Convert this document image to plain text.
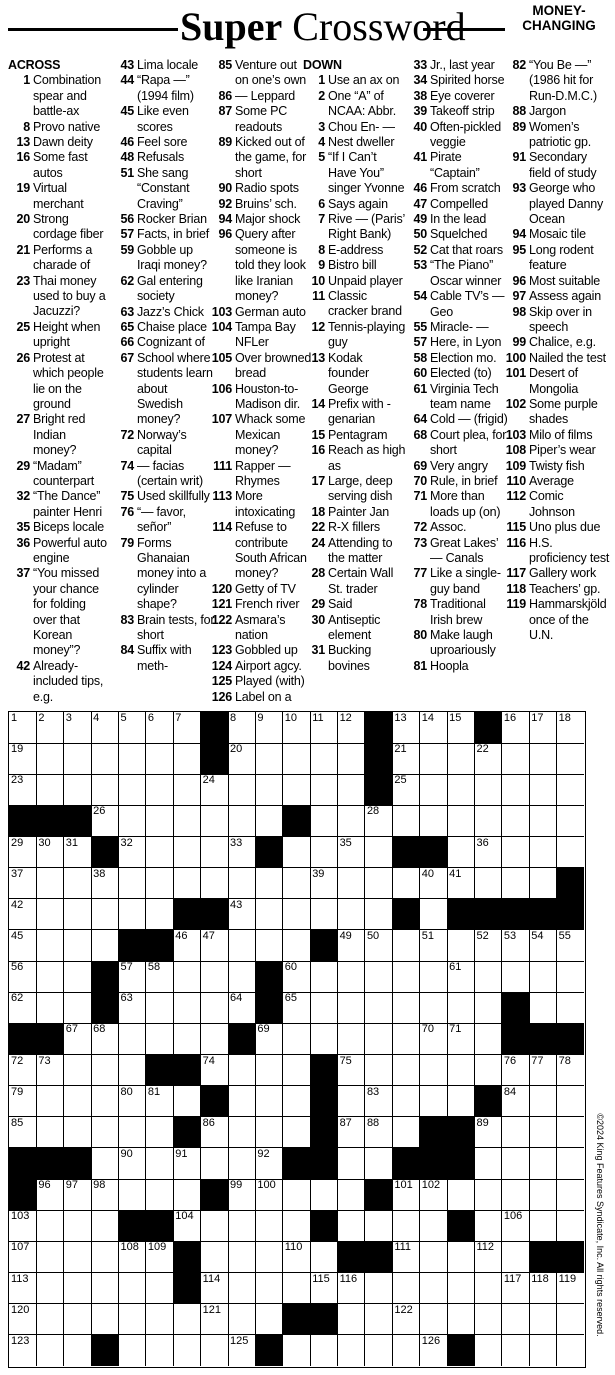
Super Crossword	MONEY-
CHANGING
ACROSS
1 Combination spear and battle-ax
8 Provo native
13 Dawn deity
16 Some fast autos
19 Virtual merchant
20 Strong cordage fiber
21 Performs a charade of
23 Thai money used to buy a Jacuzzi?
25 Height when upright
26 Protest at which people lie on the ground
27 Bright red Indian money?
29 “Madam” counterpart
32 “The Dance” painter Henri
35 Biceps locale
36 Powerful auto engine
37 “You missed your chance for folding over that Korean money”?
42 Already-included tips, e.g.
43 Lima locale
44 “Rapa —” (1994 film)
45 Like even scores
46 Feel sore
48 Refusals
51 She sang “Constant Craving”
56 Rocker Brian
57 Facts, in brief
59 Gobble up Iraqi money?
62 Gal entering society
63 Jazz’s Chick
65 Chaise place
66 Cognizant of
67 School where students learn about Swedish money?
72 Norway’s capital
74 — facias (certain writ)
75 Used skillfully
76 “— favor, señor”
79 Forms Ghanaian money into a cylinder shape?
83 Brain tests, for short
84 Suffix with meth-
85 Venture out on one’s own
86 — Leppard
87 Some PC readouts
89 Kicked out of the game, for short
90 Radio spots
92 Bruins’ sch.
94 Major shock
96 Query after someone is told they look like Iranian money?
103 German auto
104 Tampa Bay NFLer
105 Over browned bread
106 Houston-to-Madison dir.
107 Whack some Mexican money?
111 Rapper — Rhymes
113 More intoxicating
114 Refuse to contribute South African money?
120 Getty of TV
121 French river
122 Asmara’s nation
123 Gobbled up
124 Airport agcy.
125 Played (with)
126 Label on a
DOWN
1 Use an ax on
2 One “A” of NCAA: Abbr.
3 Chou En- —
4 Nest dweller
5 “If I Can’t Have You” singer Yvonne
6 Says again
7 Rive — (Paris’ Right Bank)
8 E-address
9 Bistro bill
10 Unpaid player
11 Classic cracker brand
12 Tennis-playing guy
13 Kodak founder George
14 Prefix with -genarian
15 Pentagram
16 Reach as high as
17 Large, deep serving dish
18 Painter Jan
22 R-X fillers
24 Attending to the matter
28 Certain Wall St. trader
29 Said
30 Antiseptic element
31 Bucking bovines
33 Jr., last year
34 Spirited horse
38 Eye coverer
39 Takeoff strip
40 Often-pickled veggie
41 Pirate “Captain”
46 From scratch
47 Compelled
49 In the lead
50 Squelched
52 Cat that roars
53 “The Piano” Oscar winner
54 Cable TV’s — Geo
55 Miracle- —
57 Here, in Lyon
58 Election mo.
60 Elected (to)
61 Virginia Tech team name
64 Cold — (frigid)
68 Court plea, for short
69 Very angry
70 Rule, in brief
71 More than loads up (on)
72 Assoc.
73 Great Lakes’ — Canals
77 Like a single-guy band
78 Traditional Irish brew
80 Make laugh uproariously
81 Hoopla
82 “You Be —” (1986 hit for Run-D.M.C.)
88 Jargon
89 Women’s patriotic gp.
91 Secondary field of study
93 George who played Danny Ocean
94 Mosaic tile
95 Long rodent feature
96 Most suitable
97 Assess again
98 Skip over in speech
99 Chalice, e.g.
100 Nailed the test
101 Desert of Mongolia
102 Some purple shades
103 Milo of films
108 Piper’s wear
109 Twisty fish
110 Average
112 Comic Johnson
115 Uno plus due
116 H.S. proficiency test
117 Gallery work
118 Teachers’ gp.
119 Hammarskjöld once of the U.N.
1 2 3 4 5 6 7	8 9 10 11 12	13 14 15	16 17 18
19	20	21	22
23	24	25
26	28
29 30 31	32	33	35	36
37	38	39	40 41
42	43
45	46 47	49 50	51	52 53 54 55
56	57 58	60	61
62	63	64	65
67 68	69	70 71
72 73	74	75	76 77 78
79	80 81	83	84
85	86	87 88	89
90	91	92
96 97 98	99 100	101 102
103	104	106
107	108 109	110	111	112
113	114	115 116	117 118 119
120	121	122
123	125	126
©2024 King Features Syndicate, Inc. All rights reserved.
